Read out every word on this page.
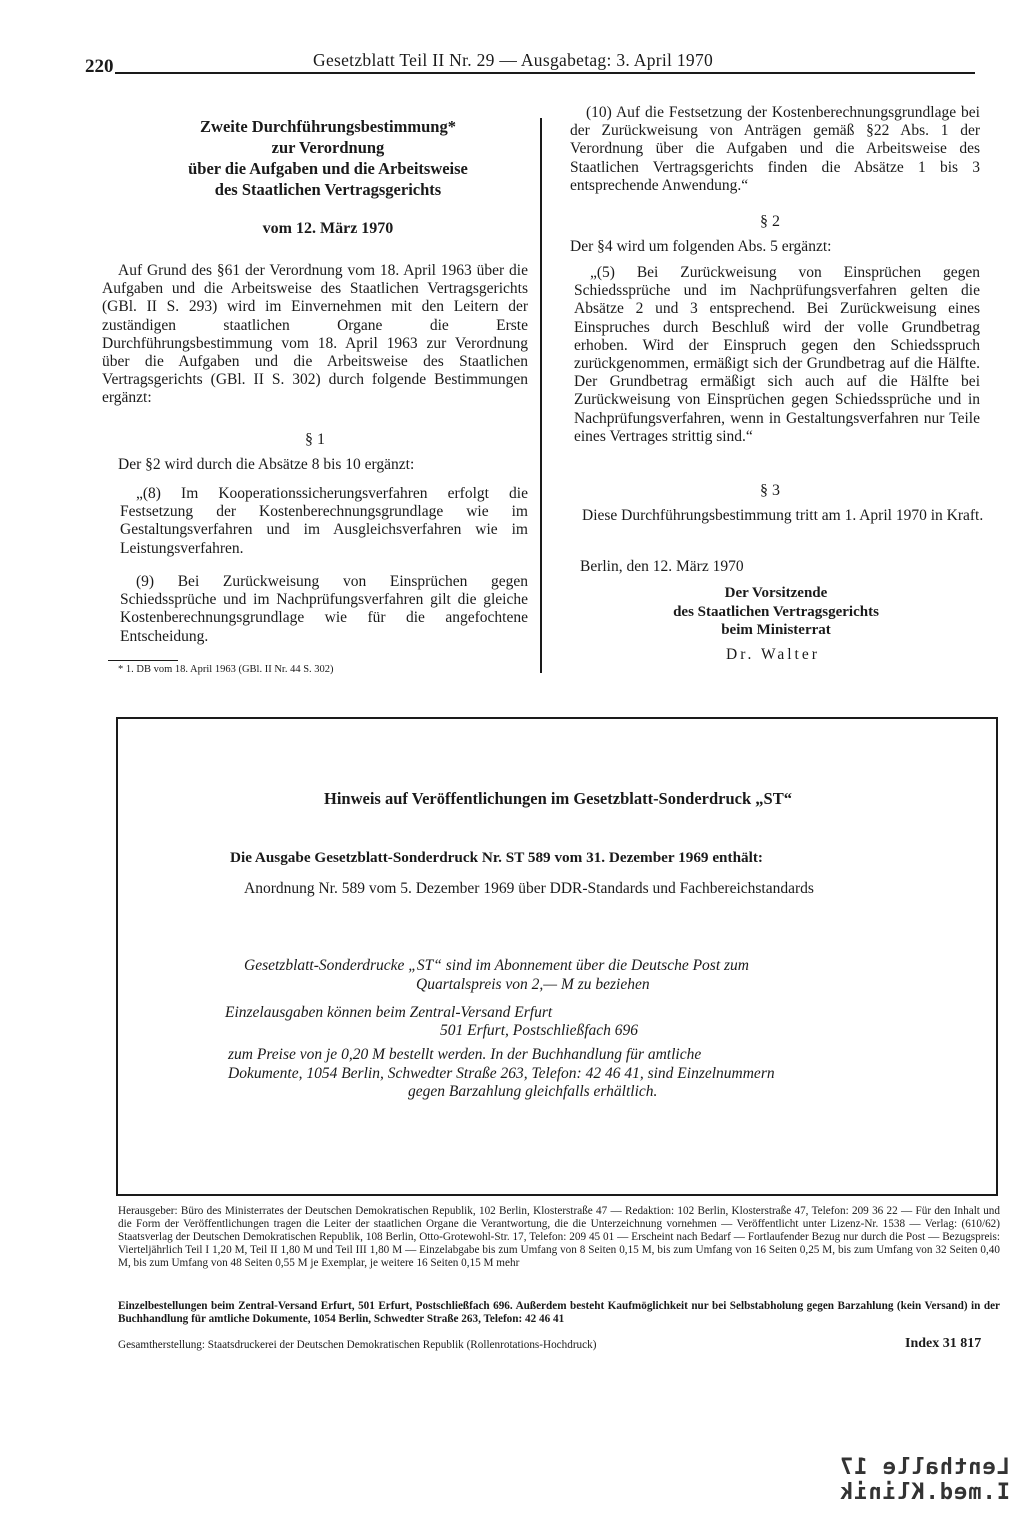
220	Gesetzblatt Teil II Nr. 29 — Ausgabetag: 3. April 1970
Zweite Durchführungsbestimmung*
zur Verordnung
über die Aufgaben und die Arbeitsweise
des Staatlichen Vertragsgerichts
vom 12. März 1970
Auf Grund des §61 der Verordnung vom 18. April 1963 über die Aufgaben und die Arbeitsweise des Staatlichen Vertragsgerichts (GBl. II S. 293) wird im Einvernehmen mit den Leitern der zuständigen staatlichen Organe die Erste Durchführungsbestimmung vom 18. April 1963 zur Verordnung über die Aufgaben und die Arbeitsweise des Staatlichen Vertragsgerichts (GBl. II S. 302) durch folgende Bestimmungen ergänzt:
§ 1
Der §2 wird durch die Absätze 8 bis 10 ergänzt:
„(8) Im Kooperationssicherungsverfahren erfolgt die Festsetzung der Kostenberechnungsgrundlage wie im Gestaltungsverfahren und im Ausgleichsverfahren wie im Leistungsverfahren.
(9) Bei Zurückweisung von Einsprüchen gegen Schiedssprüche und im Nachprüfungsverfahren gilt die gleiche Kostenberechnungsgrundlage wie für die angefochtene Entscheidung.
* 1. DB vom 18. April 1963 (GBl. II Nr. 44 S. 302)
(10) Auf die Festsetzung der Kostenberechnungsgrundlage bei der Zurückweisung von Anträgen gemäß §22 Abs. 1 der Verordnung über die Aufgaben und die Arbeitsweise des Staatlichen Vertragsgerichts finden die Absätze 1 bis 3 entsprechende Anwendung.“
§ 2
Der §4 wird um folgenden Abs. 5 ergänzt:
„(5) Bei Zurückweisung von Einsprüchen gegen Schiedssprüche und im Nachprüfungsverfahren gelten die Absätze 2 und 3 entsprechend. Bei Zurückweisung eines Einspruches durch Beschluß wird der volle Grundbetrag erhoben. Wird der Einspruch gegen den Schiedsspruch zurückgenommen, ermäßigt sich der Grundbetrag auf die Hälfte. Der Grundbetrag ermäßigt sich auch auf die Hälfte bei Zurückweisung von Einsprüchen gegen Schiedssprüche und in Nachprüfungsverfahren, wenn in Gestaltungsverfahren nur Teile eines Vertrages strittig sind.“
§ 3
Diese Durchführungsbestimmung tritt am 1. April 1970 in Kraft.
Berlin, den 12. März 1970
Der Vorsitzende
des Staatlichen Vertragsgerichts
beim Ministerrat
Dr. Walter
Hinweis auf Veröffentlichungen im Gesetzblatt-Sonderdruck „ST“
Die Ausgabe Gesetzblatt-Sonderdruck Nr. ST 589 vom 31. Dezember 1969 enthält:
Anordnung Nr. 589 vom 5. Dezember 1969 über DDR-Standards und Fachbereichstandards
Gesetzblatt-Sonderdrucke „ST“ sind im Abonnement über die Deutsche Post zum
Quartalspreis von 2,— M zu beziehen
Einzelausgaben können beim Zentral-Versand Erfurt
501 Erfurt, Postschließfach 696
zum Preise von je 0,20 M bestellt werden. In der Buchhandlung für amtliche
Dokumente, 1054 Berlin, Schwedter Straße 263, Telefon: 42 46 41, sind Einzelnummern
gegen Barzahlung gleichfalls erhältlich.
Herausgeber: Büro des Ministerrates der Deutschen Demokratischen Republik, 102 Berlin, Klosterstraße 47 — Redaktion: 102 Berlin, Klosterstraße 47, Telefon: 209 36 22 — Für den Inhalt und die Form der Veröffentlichungen tragen die Leiter der staatlichen Organe die Verantwortung, die die Unterzeichnung vornehmen — Veröffentlicht unter Lizenz-Nr. 1538 — Verlag: (610/62) Staatsverlag der Deutschen Demokratischen Republik, 108 Berlin, Otto-Grotewohl-Str. 17, Telefon: 209 45 01 — Erscheint nach Bedarf — Fortlaufender Bezug nur durch die Post — Bezugspreis: Vierteljährlich Teil I 1,20 M, Teil II 1,80 M und Teil III 1,80 M — Einzelabgabe bis zum Umfang von 8 Seiten 0,15 M, bis zum Umfang von 16 Seiten 0,25 M, bis zum Umfang von 32 Seiten 0,40 M, bis zum Umfang von 48 Seiten 0,55 M je Exemplar, je weitere 16 Seiten 0,15 M mehr
Einzelbestellungen beim Zentral-Versand Erfurt, 501 Erfurt, Postschließfach 696. Außerdem besteht Kaufmöglichkeit nur bei Selbstabholung gegen Barzahlung (kein Versand) in der Buchhandlung für amtliche Dokumente, 1054 Berlin, Schwedter Straße 263, Telefon: 42 46 41
Gesamtherstellung: Staatsdruckerei der Deutschen Demokratischen Republik (Rollenrotations-Hochdruck)	Index 31 817
Lenthalle 17
I.med.Klinik
